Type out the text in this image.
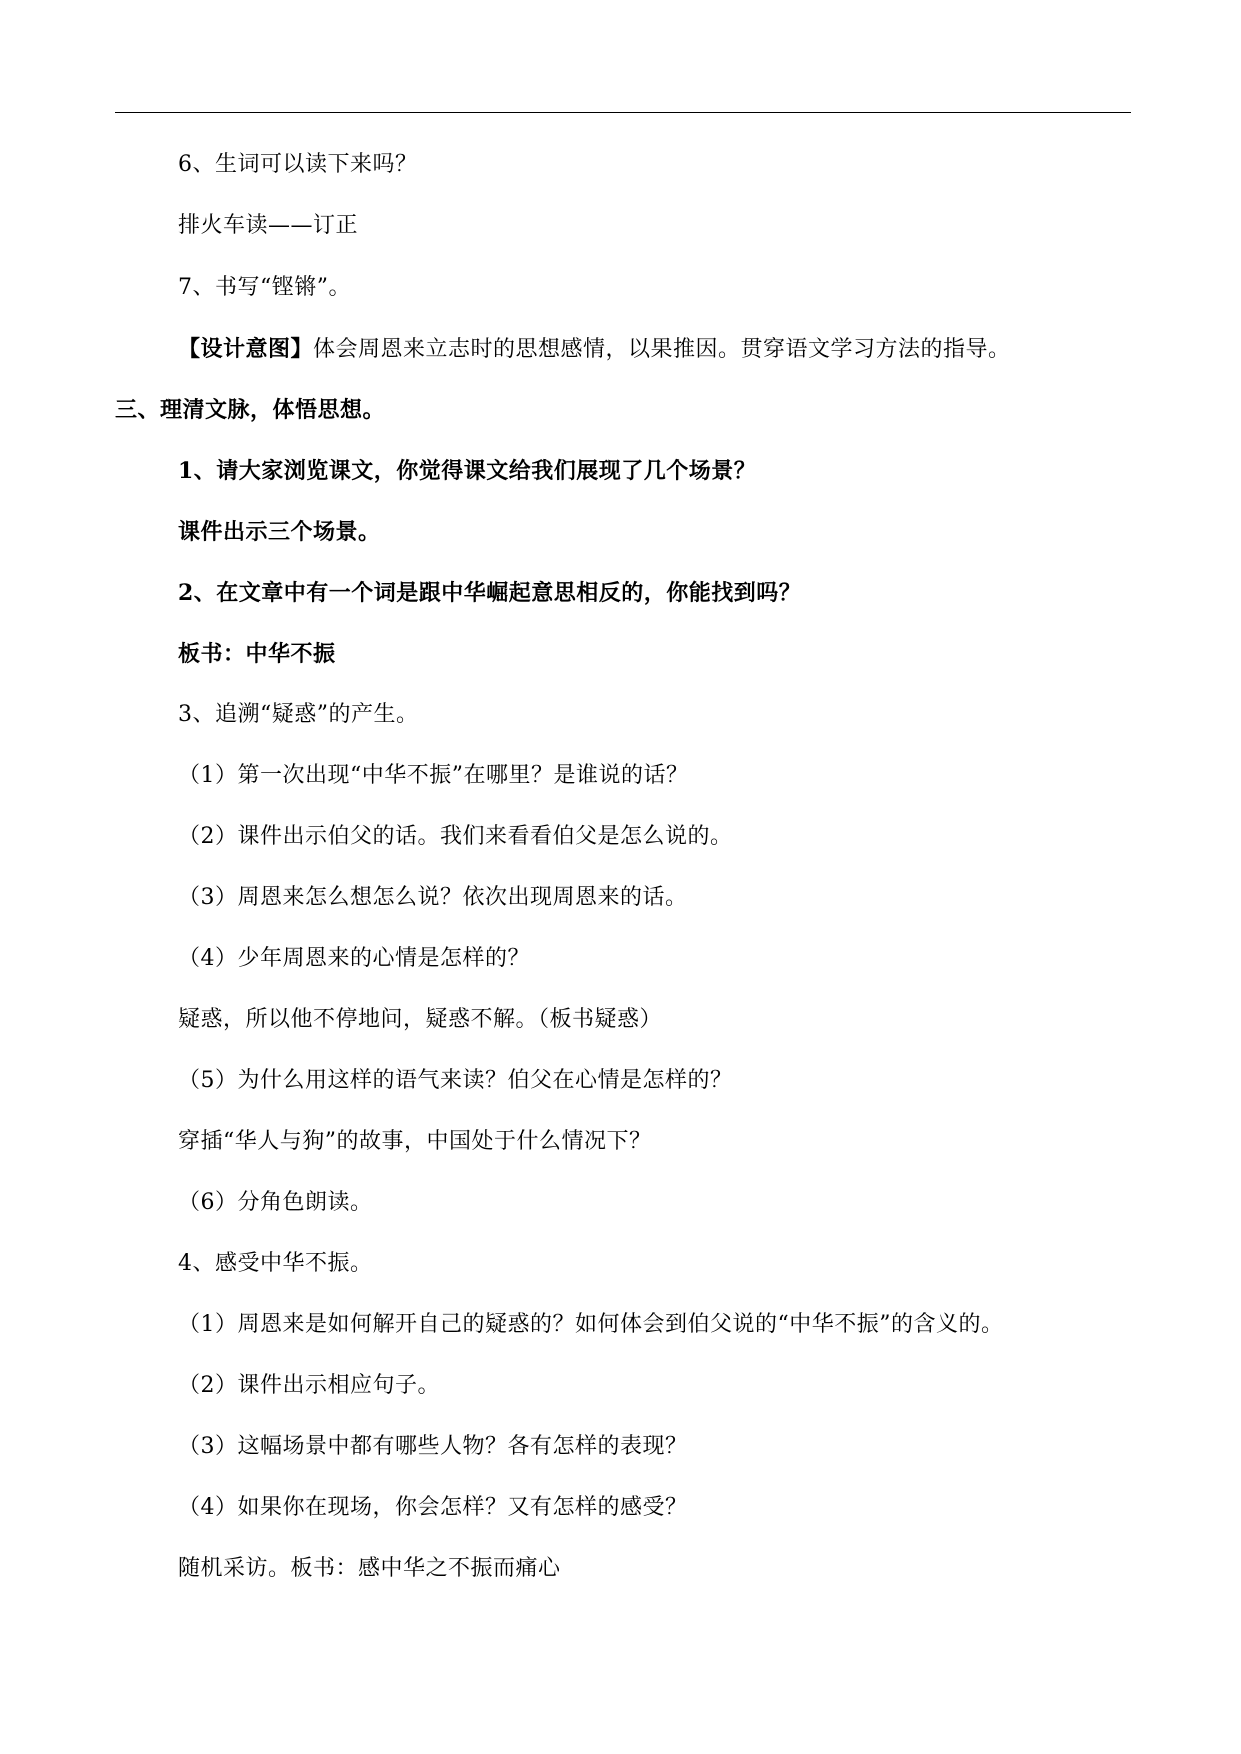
6、生词可以读下来吗？
排火车读——订正
7、书写“铿锵”。
【设计意图】体会周恩来立志时的思想感情，以果推因。贯穿语文学习方法的指导。
三、理清文脉，体悟思想。
1、请大家浏览课文，你觉得课文给我们展现了几个场景？
课件出示三个场景。
2、在文章中有一个词是跟中华崛起意思相反的，你能找到吗？
板书：中华不振
3、追溯“疑惑”的产生。
（1）第一次出现“中华不振”在哪里？是谁说的话？
（2）课件出示伯父的话。我们来看看伯父是怎么说的。
（3）周恩来怎么想怎么说？依次出现周恩来的话。
（4）少年周恩来的心情是怎样的？
疑惑，所以他不停地问，疑惑不解。（板书疑惑）
（5）为什么用这样的语气来读？伯父在心情是怎样的？
穿插“华人与狗”的故事，中国处于什么情况下？
（6）分角色朗读。
4、感受中华不振。
（1）周恩来是如何解开自己的疑惑的？如何体会到伯父说的“中华不振”的含义的。
（2）课件出示相应句子。
（3）这幅场景中都有哪些人物？各有怎样的表现？
（4）如果你在现场，你会怎样？又有怎样的感受？
随机采访。板书：感中华之不振而痛心
